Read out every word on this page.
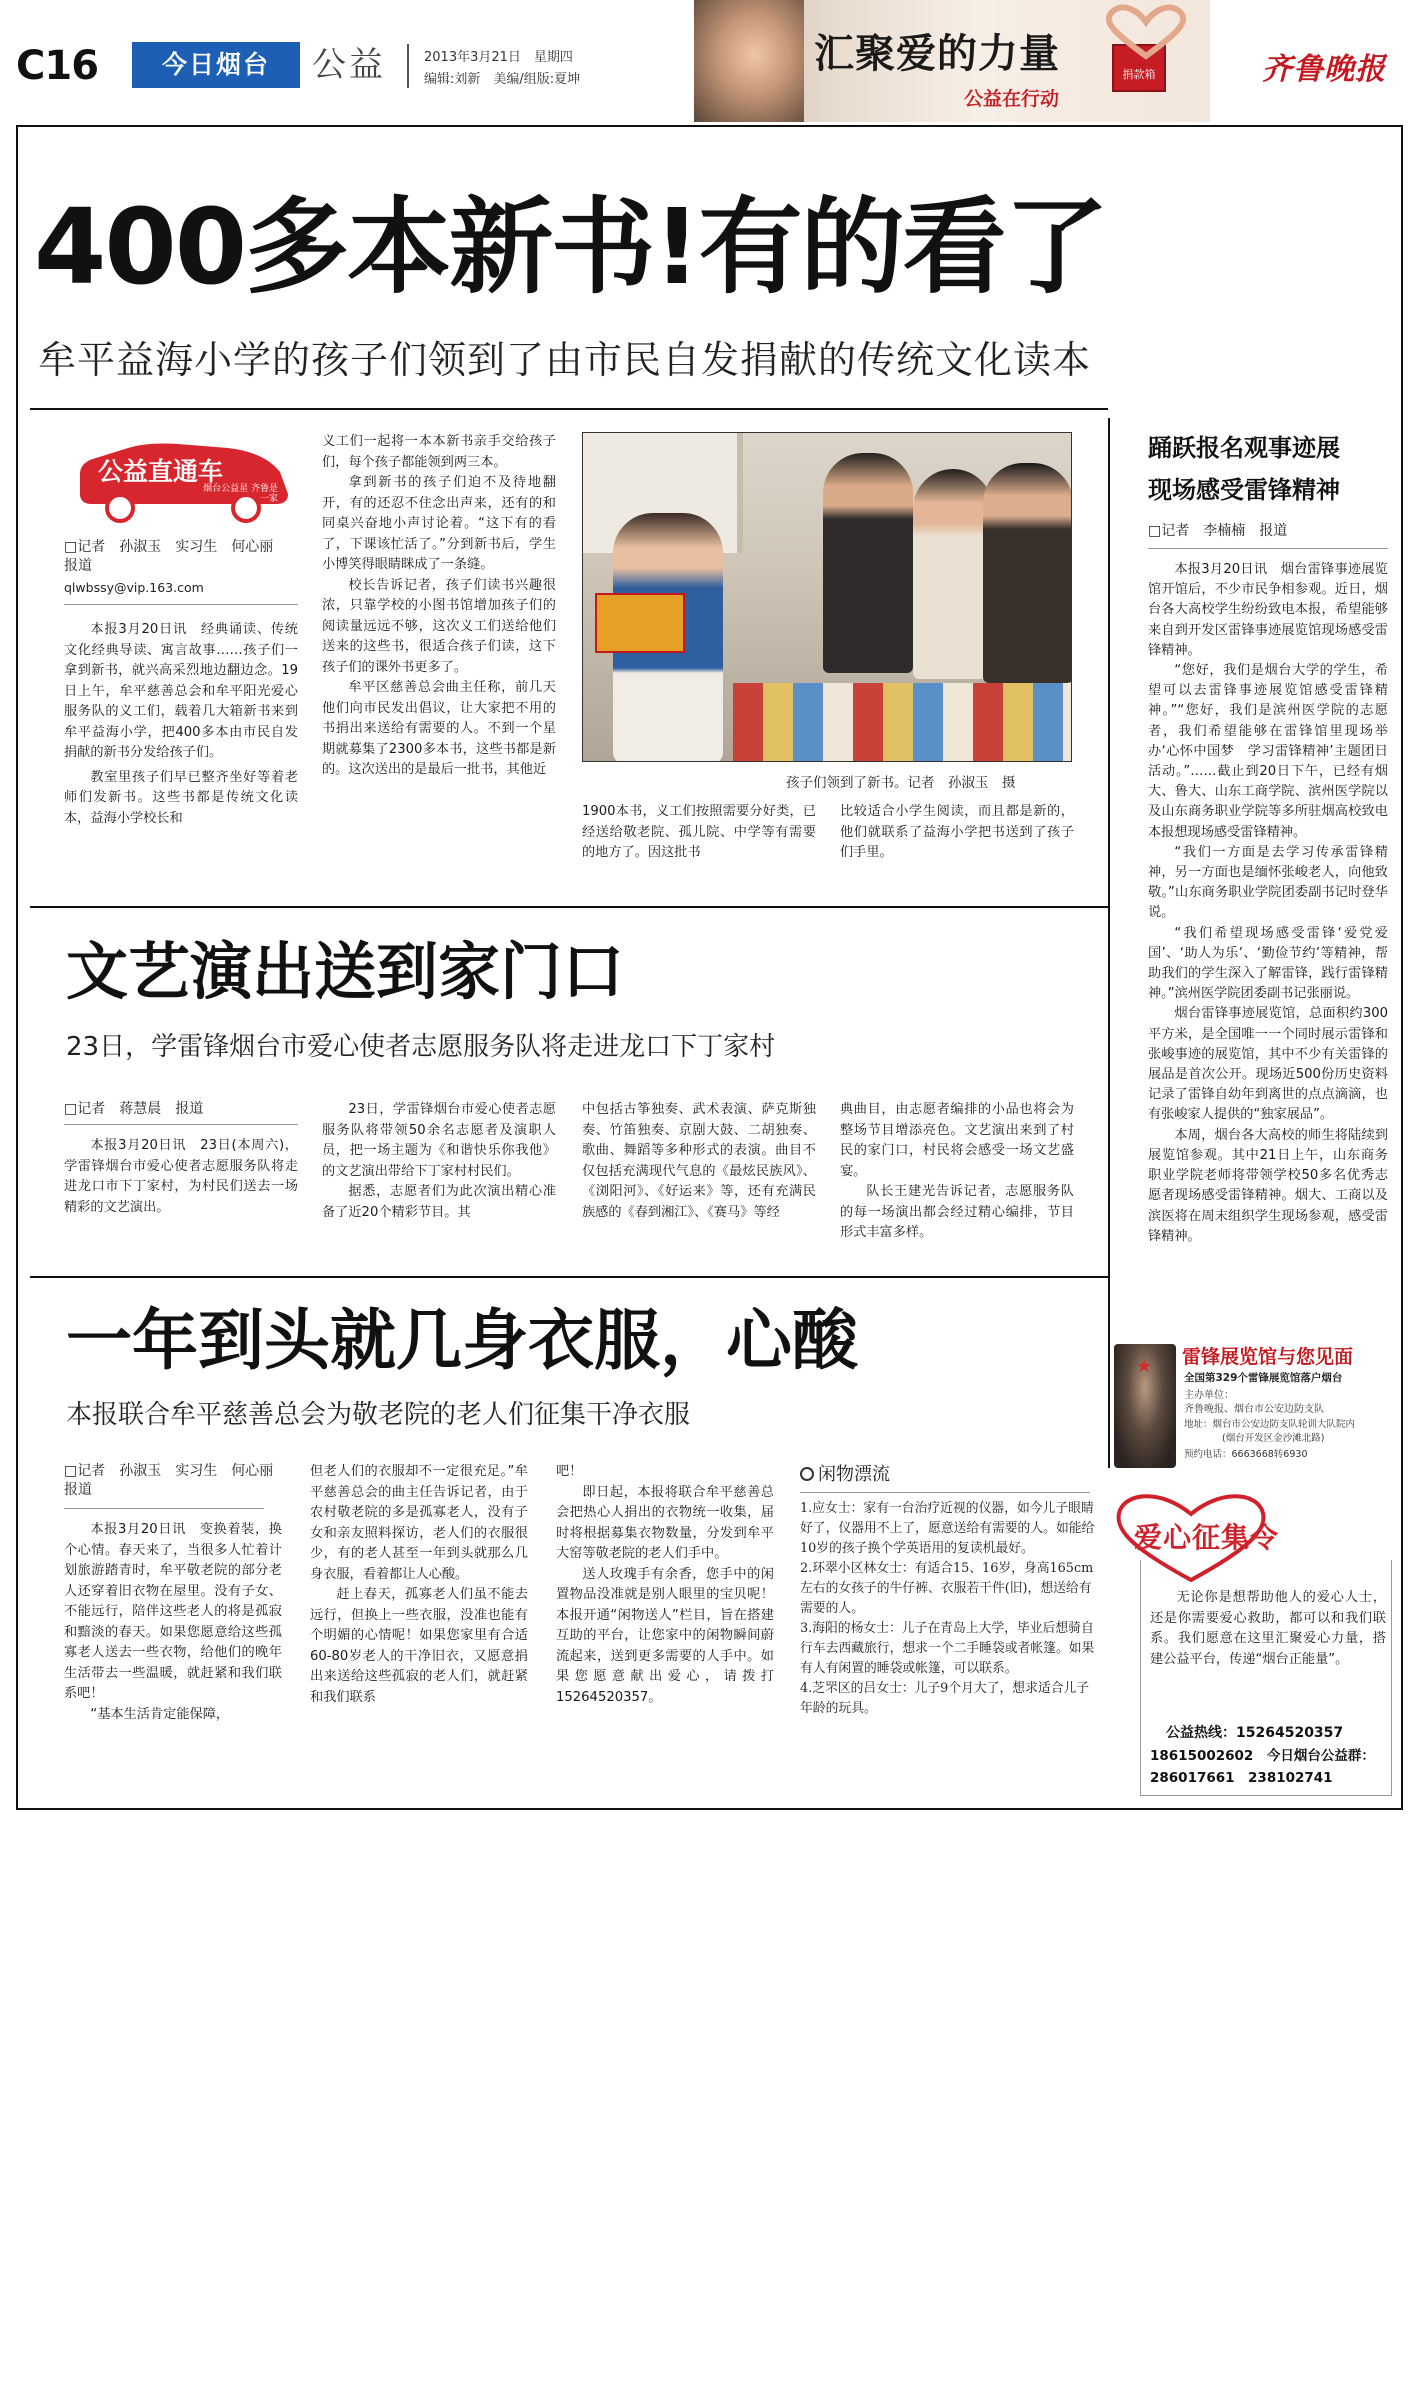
C16	今日烟台	公益	2013年3月21日　星期四
编辑:刘新　美编/组版:夏坤
汇聚爱的力量
公益在行动
捐款箱	齐鲁晚报
400多本新书!有的看了
牟平益海小学的孩子们领到了由市民自发捐献的传统文化读本
公益直通车
烟台公益星 齐鲁是一家
□记者　孙淑玉　实习生　何心丽　报道
qlwbssy@vip.163.com

本报3月20日讯　经典诵读、传统文化经典导读、寓言故事……孩子们一拿到新书，就兴高采烈地边翻边念。19日上午，牟平慈善总会和牟平阳光爱心服务队的义工们，载着几大箱新书来到牟平益海小学，把400多本由市民自发捐献的新书分发给孩子们。

教室里孩子们早已整齐坐好等着老师们发新书。这些书都是传统文化读本，益海小学校长和

义工们一起将一本本新书亲手交给孩子们，每个孩子都能领到两三本。

拿到新书的孩子们迫不及待地翻开，有的还忍不住念出声来，还有的和同桌兴奋地小声讨论着。“这下有的看了，下课该忙活了。”分到新书后，学生小博笑得眼睛眯成了一条缝。

校长告诉记者，孩子们读书兴趣很浓，只靠学校的小图书馆增加孩子们的阅读量远远不够，这次义工们送给他们送来的这些书，很适合孩子们读，这下孩子们的课外书更多了。

牟平区慈善总会曲主任称，前几天他们向市民发出倡议，让大家把不用的书捐出来送给有需要的人。不到一个星期就募集了2300多本书，这些书都是新的。这次送出的是最后一批书，其他近

孩子们领到了新书。记者　孙淑玉　摄

1900本书，义工们按照需要分好类，已经送给敬老院、孤儿院、中学等有需要的地方了。因这批书

比较适合小学生阅读，而且都是新的，他们就联系了益海小学把书送到了孩子们手里。

踊跃报名观事迹展
现场感受雷锋精神
□记者　李楠楠　报道

本报3月20日讯　烟台雷锋事迹展览馆开馆后，不少市民争相参观。近日，烟台各大高校学生纷纷致电本报，希望能够来自到开发区雷锋事迹展览馆现场感受雷锋精神。

“您好，我们是烟台大学的学生，希望可以去雷锋事迹展览馆感受雷锋精神。”“您好，我们是滨州医学院的志愿者，我们希望能够在雷锋馆里现场举办‘心怀中国梦　学习雷锋精神’主题团日活动。”……截止到20日下午，已经有烟大、鲁大、山东工商学院、滨州医学院以及山东商务职业学院等多所驻烟高校致电本报想现场感受雷锋精神。

“我们一方面是去学习传承雷锋精神，另一方面也是缅怀张峻老人，向他致敬。”山东商务职业学院团委副书记时登华说。

“我们希望现场感受雷锋‘爱党爱国’、‘助人为乐’、‘勤俭节约’等精神，帮助我们的学生深入了解雷锋，践行雷锋精神。”滨州医学院团委副书记张丽说。

烟台雷锋事迹展览馆，总面积约300平方米，是全国唯一一个同时展示雷锋和张峻事迹的展览馆，其中不少有关雷锋的展品是首次公开。现场近500份历史资料记录了雷锋自幼年到离世的点点滴滴，也有张峻家人提供的“独家展品”。

本周，烟台各大高校的师生将陆续到展览馆参观。其中21日上午，山东商务职业学院老师将带领学校50多名优秀志愿者现场感受雷锋精神。烟大、工商以及滨医将在周末组织学生现场参观，感受雷锋精神。

★ 雷锋展览馆与您见面
全国第329个雷锋展览馆落户烟台
主办单位：
齐鲁晚报、烟台市公安边防支队
地址：烟台市公安边防支队轮训大队院内
(烟台开发区金沙滩北路)
预约电话：6663668转6930
文艺演出送到家门口
23日，学雷锋烟台市爱心使者志愿服务队将走进龙口下丁家村
□记者　蒋慧晨　报道

本报3月20日讯　23日(本周六)，学雷锋烟台市爱心使者志愿服务队将走进龙口市下丁家村，为村民们送去一场精彩的文艺演出。

23日，学雷锋烟台市爱心使者志愿服务队将带领50余名志愿者及演职人员，把一场主题为《和谐快乐你我他》的文艺演出带给下丁家村村民们。

据悉，志愿者们为此次演出精心准备了近20个精彩节目。其

中包括古筝独奏、武术表演、萨克斯独奏、竹笛独奏、京剧大鼓、二胡独奏、歌曲、舞蹈等多种形式的表演。曲目不仅包括充满现代气息的《最炫民族风》、《浏阳河》、《好运来》等，还有充满民族感的《春到湘江》、《赛马》等经

典曲目，由志愿者编排的小品也将会为整场节目增添亮色。文艺演出来到了村民的家门口，村民将会感受一场文艺盛宴。

队长王建光告诉记者，志愿服务队的每一场演出都会经过精心编排，节目形式丰富多样。

一年到头就几身衣服，心酸
本报联合牟平慈善总会为敬老院的老人们征集干净衣服
□记者　孙淑玉　实习生　何心丽　报道

本报3月20日讯　变换着装，换个心情。春天来了，当很多人忙着计划旅游踏青时，牟平敬老院的部分老人还穿着旧衣物在屋里。没有子女、不能远行，陪伴这些老人的将是孤寂和黯淡的春天。如果您愿意给这些孤寡老人送去一些衣物，给他们的晚年生活带去一些温暖，就赶紧和我们联系吧！

“基本生活肯定能保障，

但老人们的衣服却不一定很充足。”牟平慈善总会的曲主任告诉记者，由于农村敬老院的多是孤寡老人，没有子女和亲友照料探访，老人们的衣服很少，有的老人甚至一年到头就那么几身衣服，看着都让人心酸。

赶上春天，孤寡老人们虽不能去远行，但换上一些衣服，没准也能有个明媚的心情呢！如果您家里有合适60-80岁老人的干净旧衣，又愿意捐出来送给这些孤寂的老人们，就赶紧和我们联系

吧！

即日起，本报将联合牟平慈善总会把热心人捐出的衣物统一收集，届时将根据募集衣物数量，分发到牟平大窑等敬老院的老人们手中。

送人玫瑰手有余香，您手中的闲置物品没准就是别人眼里的宝贝呢！本报开通“闲物送人”栏目，旨在搭建互助的平台，让您家中的闲物瞬间蔚流起来，送到更多需要的人手中。如果您愿意献出爱心，请拨打15264520357。

闲物漂流

1.应女士：家有一台治疗近视的仪器，如今儿子眼睛好了，仪器用不上了，愿意送给有需要的人。如能给10岁的孩子换个学英语用的复读机最好。

2.环翠小区林女士：有适合15、16岁，身高165cm左右的女孩子的牛仔裤、衣服若干件(旧)，想送给有需要的人。

3.海阳的杨女士：儿子在青岛上大学，毕业后想骑自行车去西藏旅行，想求一个二手睡袋或者帐篷。如果有人有闲置的睡袋或帐篷，可以联系。

4.芝罘区的吕女士：儿子9个月大了，想求适合儿子年龄的玩具。

爱心征集令

无论你是想帮助他人的爱心人士，还是你需要爱心救助，都可以和我们联系。我们愿意在这里汇聚爱心力量，搭建公益平台，传递“烟台正能量”。

公益热线：15264520357
18615002602　今日烟台公益群：
286017661　238102741
